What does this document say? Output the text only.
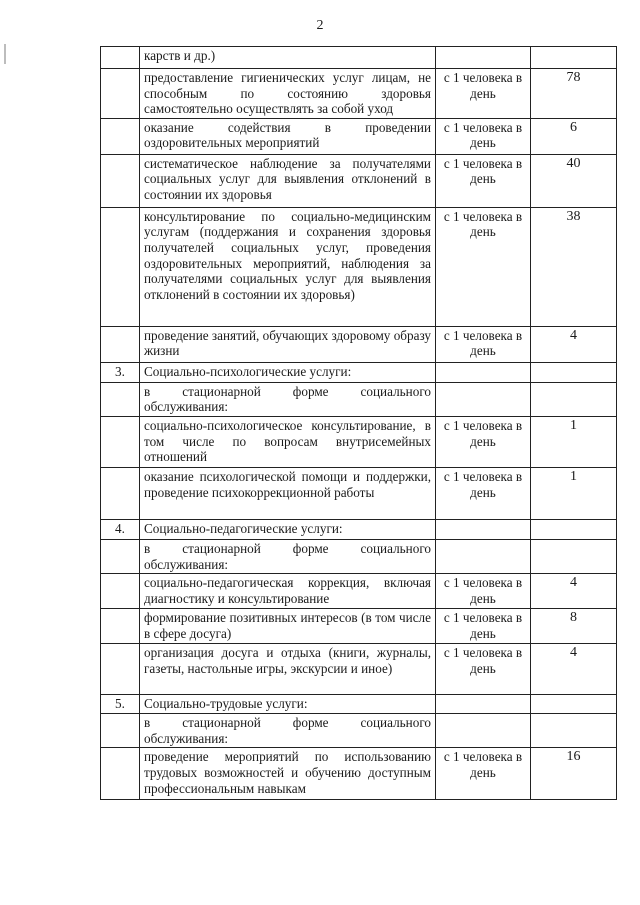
2
	карств и др.)		
	предоставление гигиенических услуг лицам, не способным по состоянию здоровья самостоятельно осуществлять за собой уход	с 1 человека в день	78
	оказание содействия в проведении оздоровительных мероприятий	с 1 человека в день	6
	систематическое наблюдение за получателями социальных услуг для выявления отклонений в состоянии их здоровья	с 1 человека в день	40
	консультирование по социально-медицинским услугам (поддержания и сохранения здоровья получателей социальных услуг, проведения оздоровительных мероприятий, наблюдения за получателями социальных услуг для выявления отклонений в состоянии их здоровья)	с 1 человека в день	38
	проведение занятий, обучающих здоровому образу жизни	с 1 человека в день	4
3.	Социально-психологические услуги:		
	в стационарной форме социального обслуживания:		
	социально-психологическое консультирование, в том числе по вопросам внутрисемейных отношений	с 1 человека в день	1
	оказание психологической помощи и поддержки, проведение психокоррекционной работы	с 1 человека в день	1
4.	Социально-педагогические услуги:		
	в стационарной форме социального обслуживания:		
	социально-педагогическая коррекция, включая диагностику и консультирование	с 1 человека в день	4
	формирование позитивных интересов (в том числе в сфере досуга)	с 1 человека в день	8
	организация досуга и отдыха (книги, журналы, газеты, настольные игры, экскурсии и иное)	с 1 человека в день	4
5.	Социально-трудовые услуги:		
	в стационарной форме социального обслуживания:		
	проведение мероприятий по использованию трудовых возможностей и обучению доступным профессиональным навыкам	с 1 человека в день	16
